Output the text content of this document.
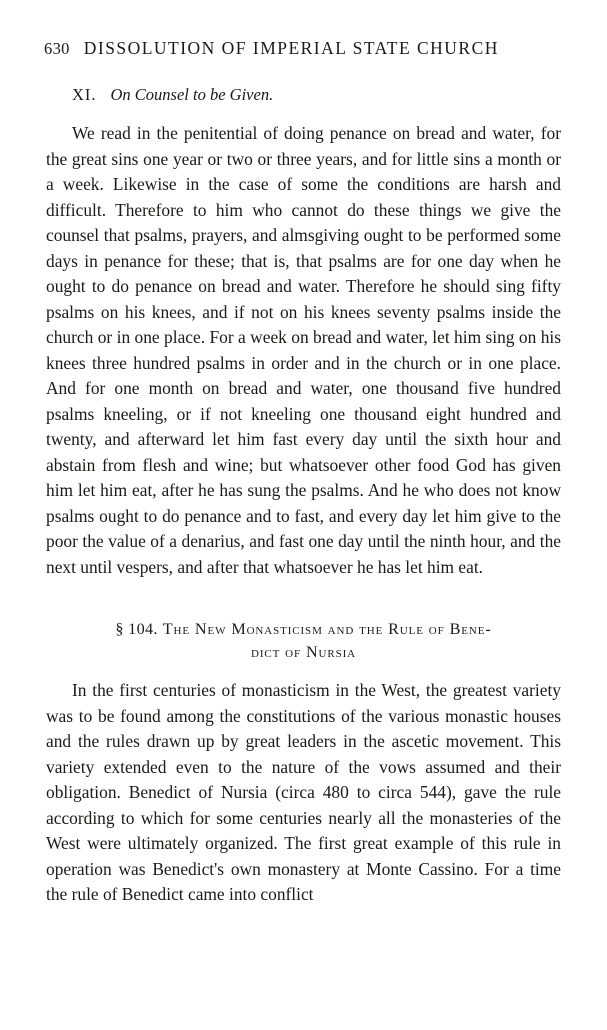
630 DISSOLUTION OF IMPERIAL STATE CHURCH
XI. On Counsel to be Given.

We read in the penitential of doing penance on bread and water, for the great sins one year or two or three years, and for little sins a month or a week. Likewise in the case of some the conditions are harsh and difficult. Therefore to him who cannot do these things we give the counsel that psalms, prayers, and almsgiving ought to be performed some days in penance for these; that is, that psalms are for one day when he ought to do penance on bread and water. Therefore he should sing fifty psalms on his knees, and if not on his knees seventy psalms inside the church or in one place. For a week on bread and water, let him sing on his knees three hundred psalms in order and in the church or in one place. And for one month on bread and water, one thousand five hundred psalms kneeling, or if not kneeling one thousand eight hundred and twenty, and afterward let him fast every day until the sixth hour and abstain from flesh and wine; but whatsoever other food God has given him let him eat, after he has sung the psalms. And he who does not know psalms ought to do penance and to fast, and every day let him give to the poor the value of a denarius, and fast one day until the ninth hour, and the next until vespers, and after that whatsoever he has let him eat.

§ 104. The New Monasticism and the Rule of Bene-
dict of Nursia

In the first centuries of monasticism in the West, the greatest variety was to be found among the constitutions of the various monastic houses and the rules drawn up by great leaders in the ascetic movement. This variety extended even to the nature of the vows assumed and their obligation. Benedict of Nursia (circa 480 to circa 544), gave the rule according to which for some centuries nearly all the monasteries of the West were ultimately organized. The first great example of this rule in operation was Benedict's own monastery at Monte Cassino. For a time the rule of Benedict came into conflict
